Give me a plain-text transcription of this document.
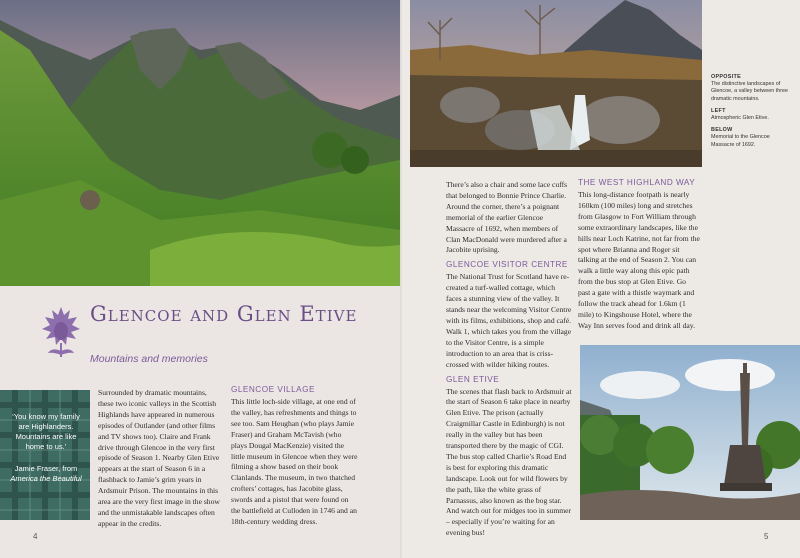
Glencoe and Glen Etive
Mountains and memories
‘You know my family are Highlanders. Mountains are like home to us.’
Jamie Fraser, from
America the Beautiful

Surrounded by dramatic mountains, these two iconic valleys in the Scottish Highlands have appeared in numerous episodes of Outlander (and other films and TV shows too). Claire and Frank drive through Glencoe in the very first episode of Season 1. Nearby Glen Etive appears at the start of Season 6 in a flashback to Jamie’s grim years in Ardsmuir Prison. The mountains in this area are the very first image in the show and the unmistakable landscapes often appear in the credits.

GLENCOE VILLAGE

This little loch-side village, at one end of the valley, has refreshments and things to see too. Sam Heughan (who plays Jamie Fraser) and Graham McTavish (who plays Dougal MacKenzie) visited the little museum in Glencoe when they were filming a show based on their book Clanlands. The museum, in two thatched crofters’ cottages, has Jacobite glass, swords and a pistol that were found on the battlefield at Culloden in 1746 and an 18th-century wedding dress.

4
OPPOSITE
The distinctive landscapes of Glencoe, a valley between three dramatic mountains.
LEFT
Atmospheric Glen Etive.
BELOW
Memorial to the Glencoe Massacre of 1692.

There’s also a chair and some lace cuffs that belonged to Bonnie Prince Charlie. Around the corner, there’s a poignant memorial of the earlier Glencoe Massacre of 1692, when members of Clan MacDonald were murdered after a Jacobite uprising.

GLENCOE VISITOR CENTRE

The National Trust for Scotland have re-created a turf-walled cottage, which faces a stunning view of the valley. It stands near the welcoming Visitor Centre with its films, exhibitions, shop and café. Walk 1, which takes you from the village to the Visitor Centre, is a simple introduction to an area that is criss-crossed with wilder hiking routes.

GLEN ETIVE

The scenes that flash back to Ardsmuir at the start of Season 6 take place in nearby Glen Etive. The prison (actually Craigmillar Castle in Edinburgh) is not really in the valley but has been transported there by the magic of CGI. The bus stop called Charlie’s Road End is best for exploring this dramatic landscape. Look out for wild flowers by the path, like the white grass of Parnassus, also known as the bog star. And watch out for midges too in summer – especially if you’re waiting for an evening bus!

THE WEST HIGHLAND WAY

This long-distance footpath is nearly 160km (100 miles) long and stretches from Glasgow to Fort William through some extraordinary landscapes, like the hills near Loch Katrine, not far from the spot where Brianna and Roger sit talking at the end of Season 2. You can walk a little way along this epic path from the bus stop at Glen Etive. Go past a gate with a thistle waymark and follow the track ahead for 1.6km (1 mile) to Kingshouse Hotel, where the Way Inn serves food and drink all day.

5
